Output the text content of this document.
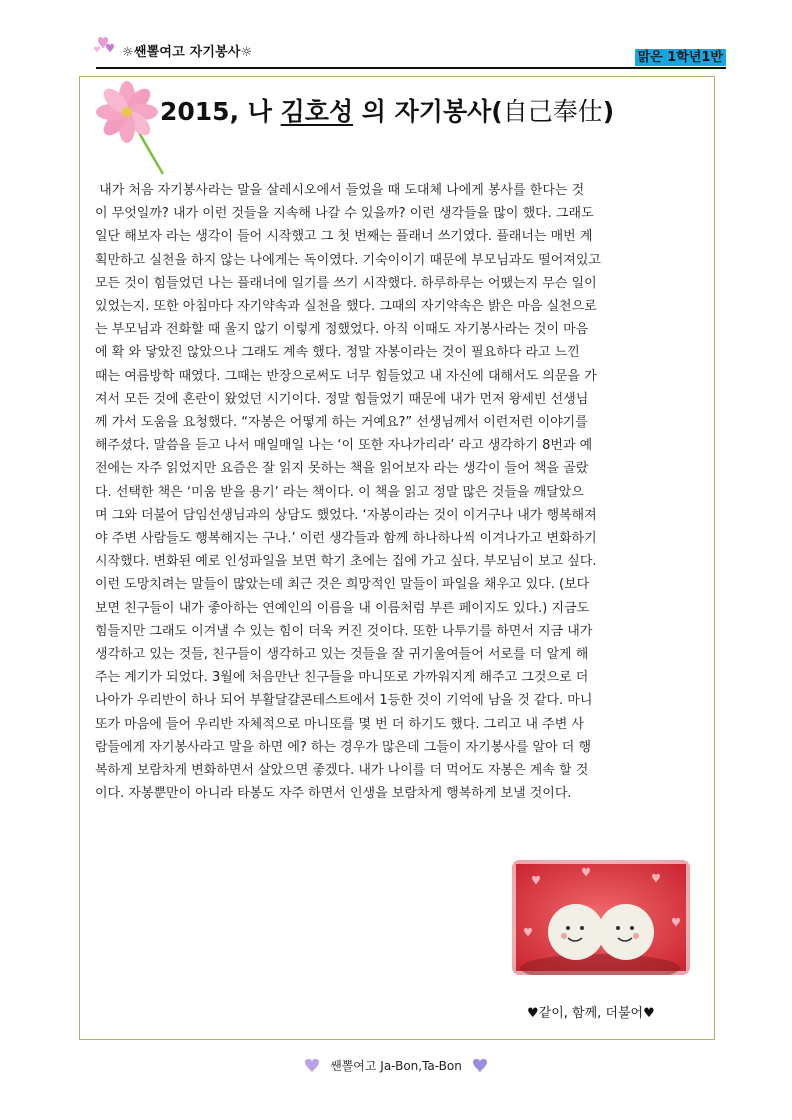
☼쌘뽈여고 자기봉사☼	맑은 1학년1반
2015, 나 김호성 의 자기봉사(自己奉仕)

내가 처음 자기봉사라는 말을 살레시오에서 들었을 때 도대체 나에게 봉사를 한다는 것
이 무엇일까? 내가 이런 것들을 지속해 나갈 수 있을까? 이런 생각들을 많이 했다. 그래도
일단 해보자 라는 생각이 들어 시작했고 그 첫 번째는 플래너 쓰기였다. 플래너는 매번 계
획만하고 실천을 하지 않는 나에게는 독이였다. 기숙이이기 때문에 부모님과도 떨어져있고
모든 것이 힘들었던 나는 플래너에 일기를 쓰기 시작했다. 하루하루는 어땠는지 무슨 일이
있었는지. 또한 아침마다 자기약속과 실천을 했다. 그때의 자기약속은 밝은 마음 실천으로
는 부모님과 전화할 때 울지 않기 이렇게 정했었다. 아직 이때도 자기봉사라는 것이 마음
에 확 와 닿았진 않았으나 그래도 계속 했다. 정말 자봉이라는 것이 필요하다 라고 느낀
때는 여름방학 때였다. 그때는 반장으로써도 너무 힘들었고 내 자신에 대해서도 의문을 가
져서 모든 것에 혼란이 왔었던 시기이다. 정말 힘들었기 때문에 내가 먼저 왕세빈 선생님
께 가서 도움을 요청했다. “자봉은 어떻게 하는 거예요?” 선생님께서 이런저런 이야기를
해주셨다. 말씀을 듣고 나서 매일매일 나는 ‘이 또한 자나가리라’ 라고 생각하기 8번과 예
전에는 자주 읽었지만 요즘은 잘 읽지 못하는 책을 읽어보자 라는 생각이 들어 책을 골랐
다. 선택한 책은 ‘미움 받을 용기’ 라는 책이다. 이 책을 읽고 정말 많은 것들을 깨달았으
며 그와 더불어 담임선생님과의 상담도 했었다. ‘자봉이라는 것이 이거구나 내가 행복해져
야 주변 사람들도 행복해지는 구나.’ 이런 생각들과 함께 하나하나씩 이겨나가고 변화하기
시작했다. 변화된 예로 인성파일을 보면 학기 초에는 집에 가고 싶다. 부모님이 보고 싶다.
이런 도망치려는 말들이 많았는데 최근 것은 희망적인 말들이 파일을 채우고 있다. (보다
보면 친구들이 내가 좋아하는 연예인의 이름을 내 이름처럼 부른 페이지도 있다.) 지금도
힘들지만 그래도 이겨낼 수 있는 힘이 더욱 커진 것이다. 또한 나투기를 하면서 지금 내가
생각하고 있는 것들, 친구들이 생각하고 있는 것들을 잘 귀기울여들어 서로를 더 알게 해
주는 계기가 되었다. 3월에 처음만난 친구들을 마니또로 가까워지게 해주고 그것으로 더
나아가 우리반이 하나 되어 부활달걀콘테스트에서 1등한 것이 기억에 남을 것 같다. 마니
또가 마음에 들어 우리반 자체적으로 마니또를 몇 번 더 하기도 했다. 그리고 내 주변 사
람들에게 자기봉사라고 말을 하면 에? 하는 경우가 많은데 그들이 자기봉사를 알아 더 행
복하게 보람차게 변화하면서 살았으면 좋겠다. 내가 나이를 더 먹어도 자봉은 계속 할 것
이다. 자봉뿐만이 아니라 타봉도 자주 하면서 인생을 보람차게 행복하게 보낼 것이다.

♥같이, 함께, 더불어♥
쌘뽈여고 Ja-Bon,Ta-Bon
